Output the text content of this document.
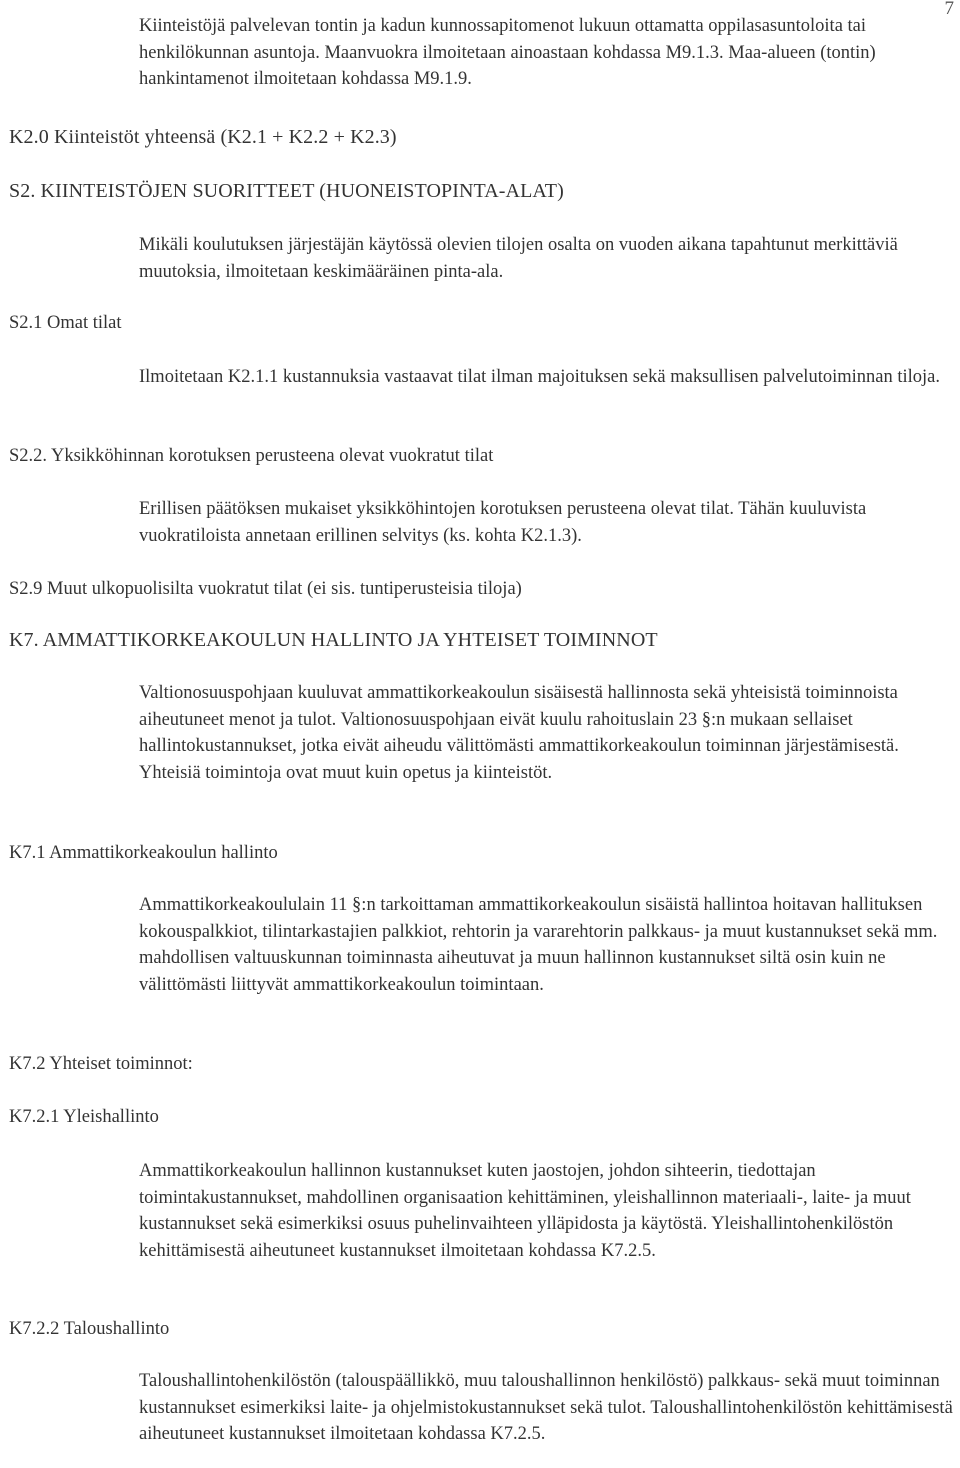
7

Kiinteistöjä palvelevan tontin ja kadun kunnossapitomenot lukuun ottamatta oppilasasuntoloita tai henkilökunnan asuntoja. Maanvuokra ilmoitetaan ainoastaan kohdassa M9.1.3. Maa-alueen (tontin) hankintamenot ilmoitetaan kohdassa M9.1.9.

K2.0 Kiinteistöt yhteensä (K2.1 + K2.2 + K2.3)
S2. KIINTEISTÖJEN SUORITTEET (HUONEISTOPINTA-ALAT)

Mikäli koulutuksen järjestäjän käytössä olevien tilojen osalta on vuoden aikana tapahtunut merkittäviä muutoksia, ilmoitetaan keskimääräinen pinta-ala.

S2.1 Omat tilat

Ilmoitetaan K2.1.1 kustannuksia vastaavat tilat ilman majoituksen sekä maksullisen palvelutoiminnan tiloja.

S2.2. Yksikköhinnan korotuksen perusteena olevat vuokratut tilat

Erillisen päätöksen mukaiset yksikköhintojen korotuksen perusteena olevat tilat. Tähän kuuluvista vuokratiloista annetaan erillinen selvitys (ks. kohta K2.1.3).

S2.9 Muut ulkopuolisilta vuokratut tilat (ei sis. tuntiperusteisia tiloja)
K7. AMMATTIKORKEAKOULUN HALLINTO JA YHTEISET TOIMINNOT

Valtionosuuspohjaan kuuluvat ammattikorkeakoulun sisäisestä hallinnosta sekä yhteisistä toiminnoista aiheutuneet menot ja tulot. Valtionosuuspohjaan eivät kuulu rahoituslain 23 §:n mukaan sellaiset hallintokustannukset, jotka eivät aiheudu välittömästi ammattikorkeakoulun toiminnan järjestämisestä. Yhteisiä toimintoja ovat muut kuin opetus ja kiinteistöt.

K7.1 Ammattikorkeakoulun hallinto

Ammattikorkeakoululain 11 §:n tarkoittaman ammattikorkeakoulun sisäistä hallintoa hoitavan hallituksen kokouspalkkiot, tilintarkastajien palkkiot, rehtorin ja vararehtorin palkkaus- ja muut kustannukset sekä mm. mahdollisen valtuuskunnan toiminnasta aiheutuvat ja muun hallinnon kustannukset siltä osin kuin ne välittömästi liittyvät ammattikorkeakoulun toimintaan.

K7.2 Yhteiset toiminnot:
K7.2.1 Yleishallinto

Ammattikorkeakoulun hallinnon kustannukset kuten jaostojen, johdon sihteerin, tiedottajan toimintakustannukset, mahdollinen organisaation kehittäminen, yleishallinnon materiaali-, laite- ja muut kustannukset sekä esimerkiksi osuus puhelinvaihteen ylläpidosta ja käytöstä. Yleishallintohenkilöstön kehittämisestä aiheutuneet kustannukset ilmoitetaan kohdassa K7.2.5.

K7.2.2 Taloushallinto

Taloushallintohenkilöstön (talouspäällikkö, muu taloushallinnon henkilöstö) palkkaus- sekä muut toiminnan kustannukset esimerkiksi laite- ja ohjelmistokustannukset sekä tulot. Taloushallintohenkilöstön kehittämisestä aiheutuneet kustannukset ilmoitetaan kohdassa K7.2.5.
